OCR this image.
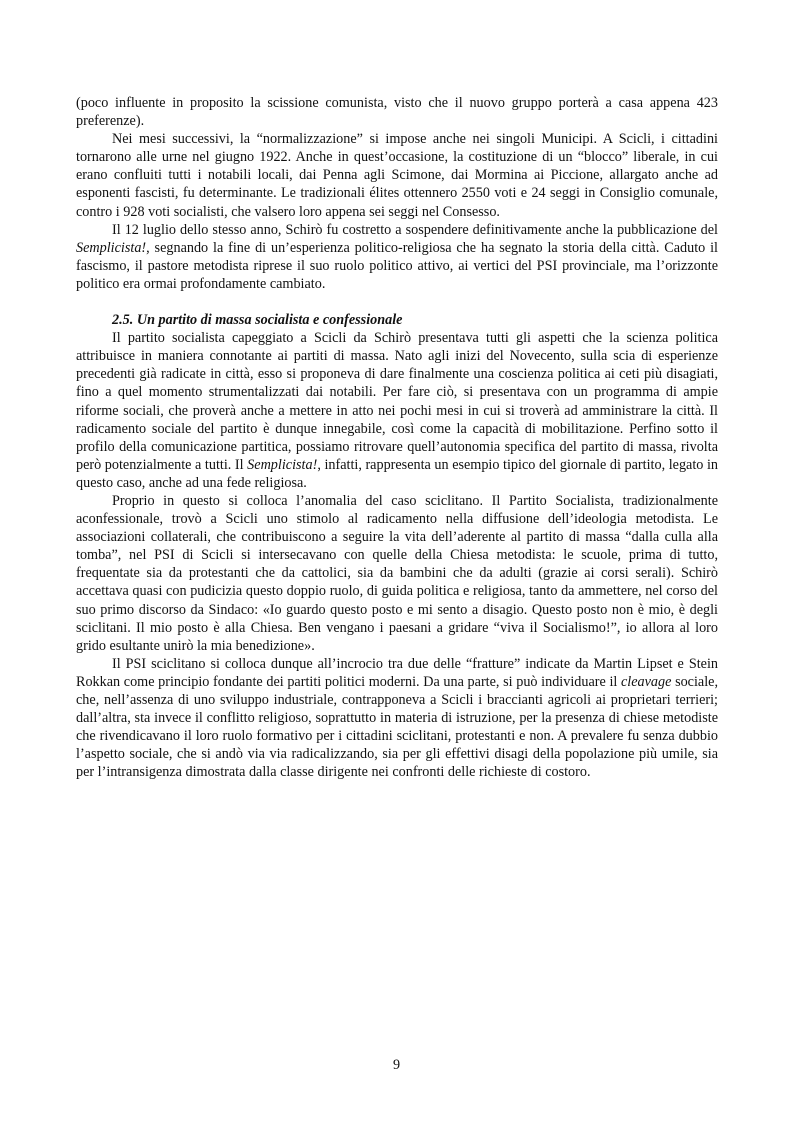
(poco influente in proposito la scissione comunista, visto che il nuovo gruppo porterà a casa appena 423 preferenze).

Nei mesi successivi, la “normalizzazione” si impose anche nei singoli Municipi. A Scicli, i cittadini tornarono alle urne nel giugno 1922. Anche in quest’occasione, la costituzione di un “blocco” liberale, in cui erano confluiti tutti i notabili locali, dai Penna agli Scimone, dai Mormina ai Piccione, allargato anche ad esponenti fascisti, fu determinante. Le tradizionali élites ottennero 2550 voti e 24 seggi in Consiglio comunale, contro i 928 voti socialisti, che valsero loro appena sei seggi nel Consesso.

Il 12 luglio dello stesso anno, Schirò fu costretto a sospendere definitivamente anche la pubblicazione del Semplicista!, segnando la fine di un’esperienza politico-religiosa che ha segnato la storia della città. Caduto il fascismo, il pastore metodista riprese il suo ruolo politico attivo, ai vertici del PSI provinciale, ma l’orizzonte politico era ormai profondamente cambiato.

2.5. Un partito di massa socialista e confessionale

Il partito socialista capeggiato a Scicli da Schirò presentava tutti gli aspetti che la scienza politica attribuisce in maniera connotante ai partiti di massa. Nato agli inizi del Novecento, sulla scia di esperienze precedenti già radicate in città, esso si proponeva di dare finalmente una coscienza politica ai ceti più disagiati, fino a quel momento strumentalizzati dai notabili. Per fare ciò, si presentava con un programma di ampie riforme sociali, che proverà anche a mettere in atto nei pochi mesi in cui si troverà ad amministrare la città. Il radicamento sociale del partito è dunque innegabile, così come la capacità di mobilitazione. Perfino sotto il profilo della comunicazione partitica, possiamo ritrovare quell’autonomia specifica del partito di massa, rivolta però potenzialmente a tutti. Il Semplicista!, infatti, rappresenta un esempio tipico del giornale di partito, legato in questo caso, anche ad una fede religiosa.

Proprio in questo si colloca l’anomalia del caso sciclitano. Il Partito Socialista, tradizionalmente aconfessionale, trovò a Scicli uno stimolo al radicamento nella diffusione dell’ideologia metodista. Le associazioni collaterali, che contribuiscono a seguire la vita dell’aderente al partito di massa “dalla culla alla tomba”, nel PSI di Scicli si intersecavano con quelle della Chiesa metodista: le scuole, prima di tutto, frequentate sia da protestanti che da cattolici, sia da bambini che da adulti (grazie ai corsi serali). Schirò accettava quasi con pudicizia questo doppio ruolo, di guida politica e religiosa, tanto da ammettere, nel corso del suo primo discorso da Sindaco: «Io guardo questo posto e mi sento a disagio. Questo posto non è mio, è degli sciclitani. Il mio posto è alla Chiesa. Ben vengano i paesani a gridare “viva il Socialismo!”, io allora al loro grido esultante unirò la mia benedizione».

Il PSI sciclitano si colloca dunque all’incrocio tra due delle “fratture” indicate da Martin Lipset e Stein Rokkan come principio fondante dei partiti politici moderni. Da una parte, si può individuare il cleavage sociale, che, nell’assenza di uno sviluppo industriale, contrapponeva a Scicli i braccianti agricoli ai proprietari terrieri; dall’altra, sta invece il conflitto religioso, soprattutto in materia di istruzione, per la presenza di chiese metodiste che rivendicavano il loro ruolo formativo per i cittadini sciclitani, protestanti e non. A prevalere fu senza dubbio l’aspetto sociale, che si andò via via radicalizzando, sia per gli effettivi disagi della popolazione più umile, sia per l’intransigenza dimostrata dalla classe dirigente nei confronti delle richieste di costoro.

9
